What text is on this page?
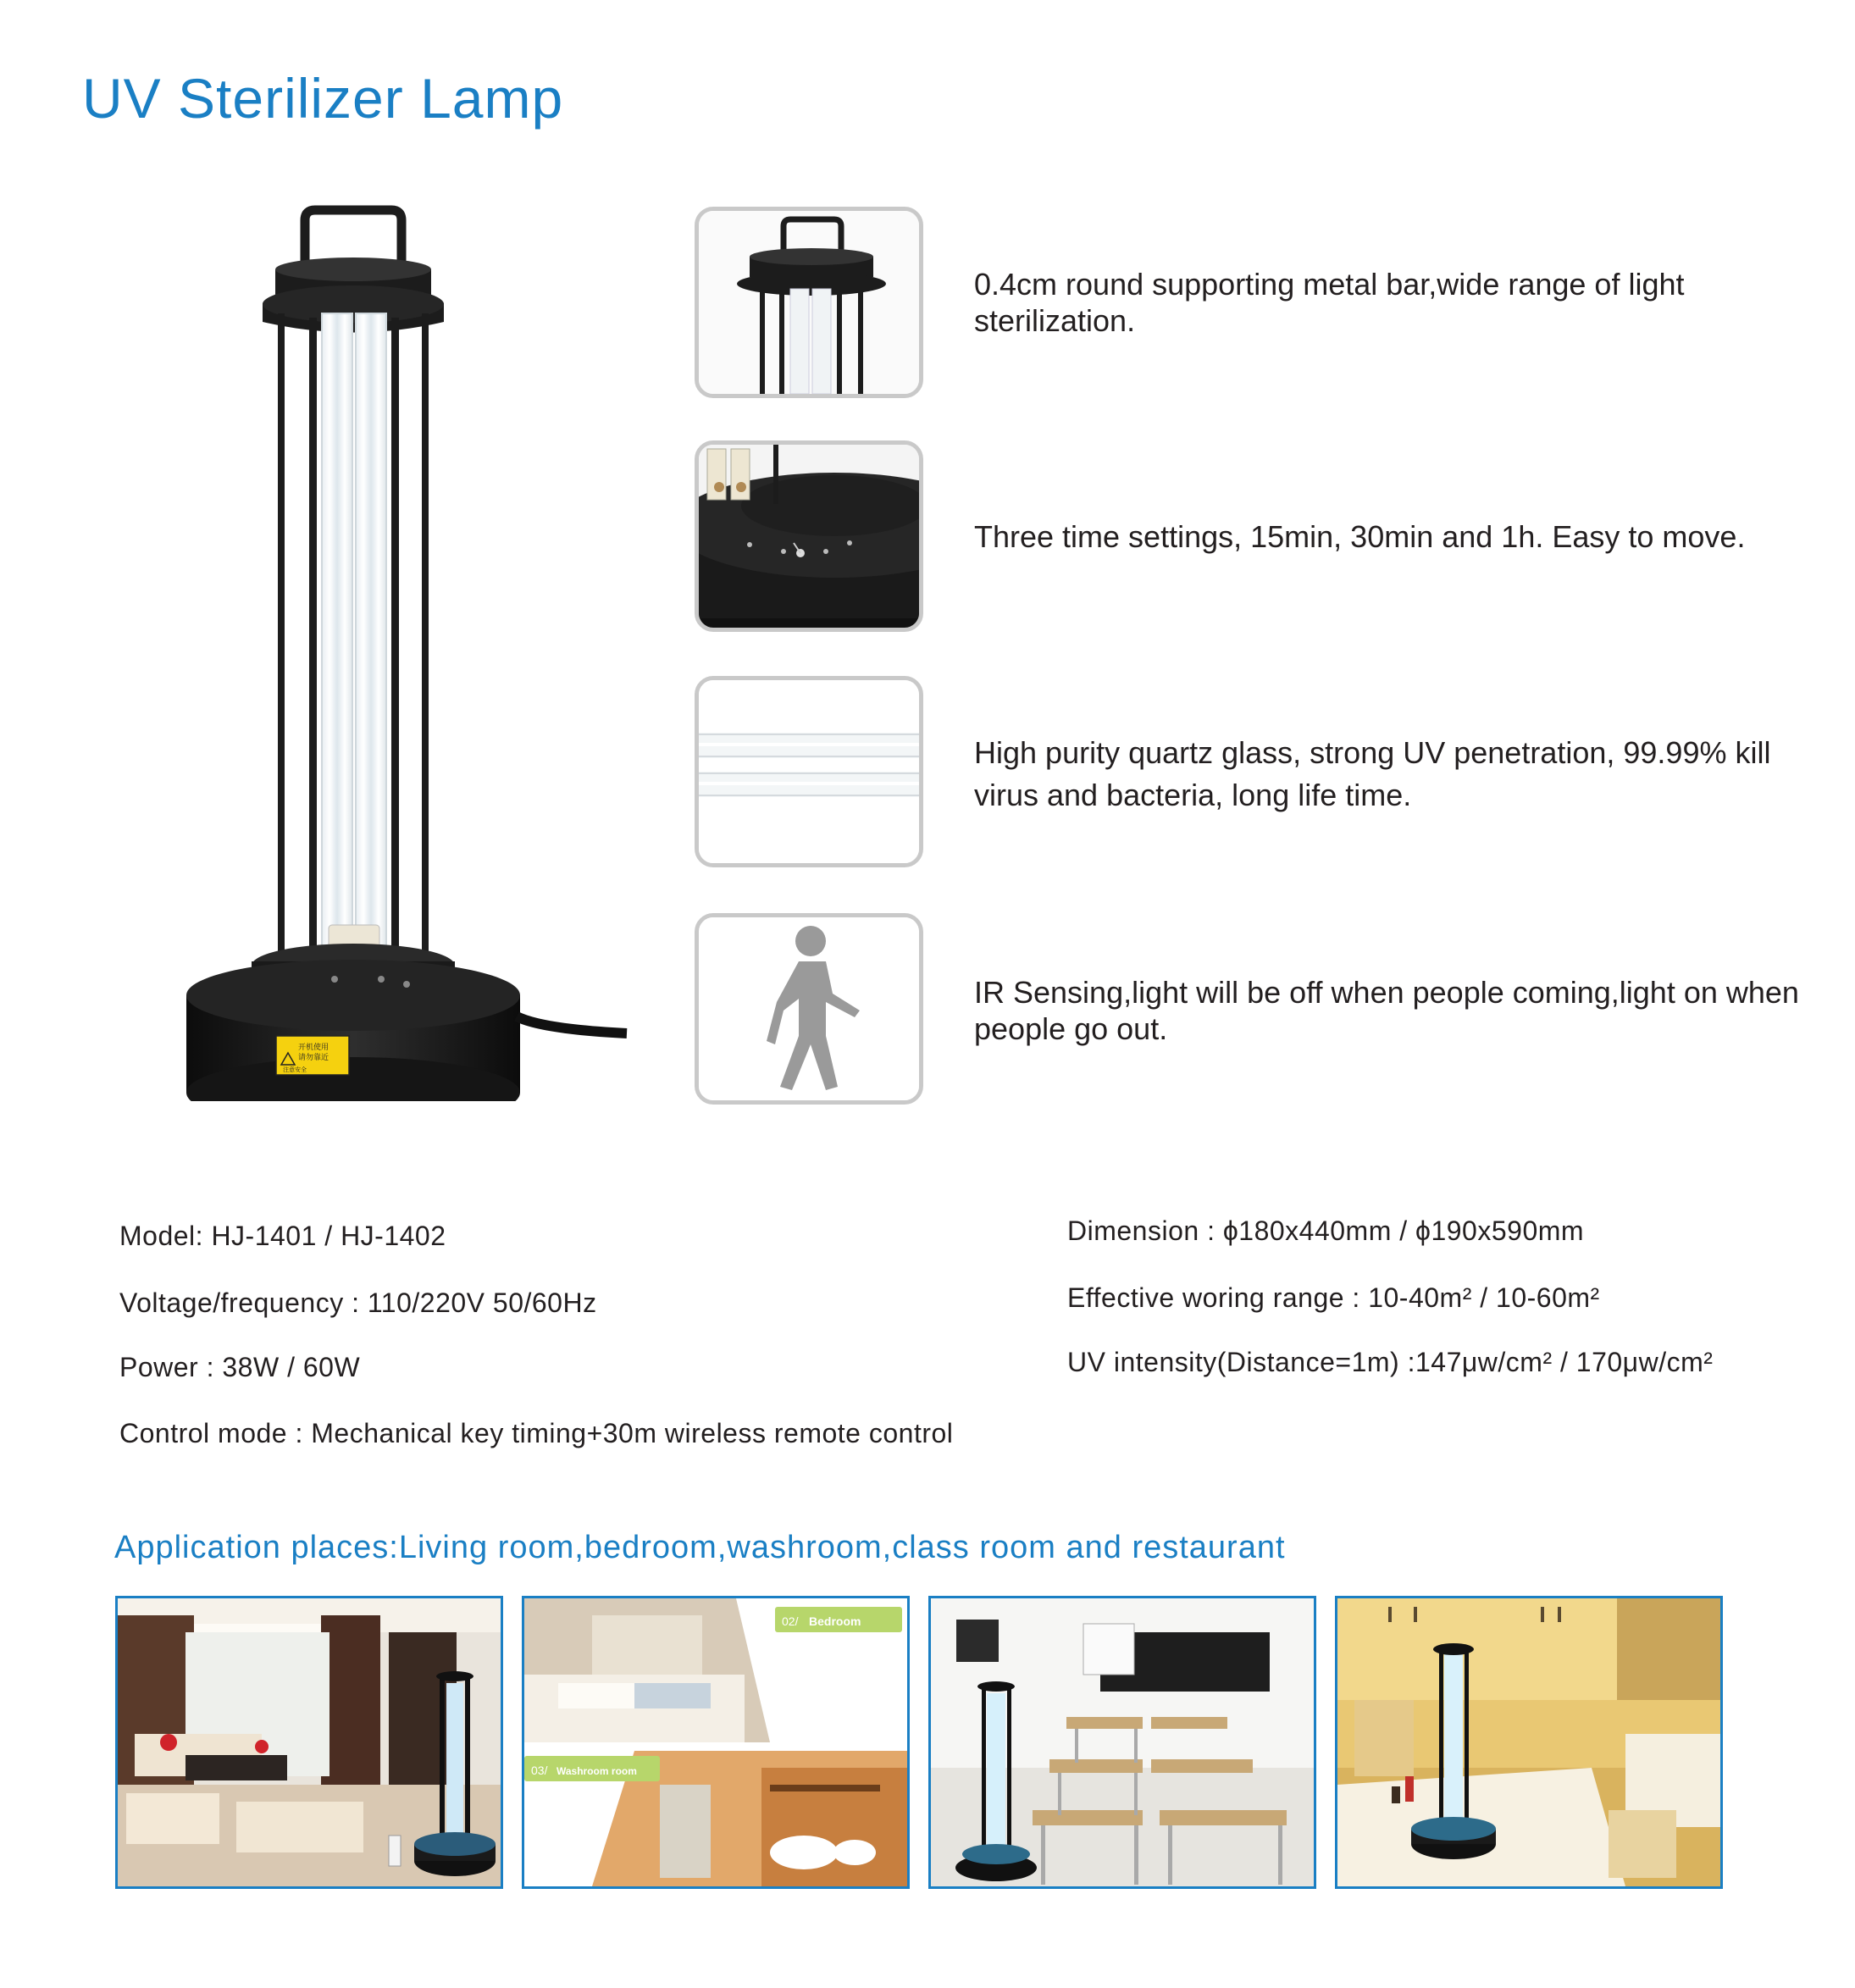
UV Sterilizer Lamp
开机使用
请勿靠近
注意安全

0.4cm round supporting metal bar,wide range of light sterilization.

Three time settings, 15min, 30min and 1h. Easy to move.

High purity quartz glass, strong UV penetration, 99.99% kill virus and bacteria, long life time.

IR Sensing,light will be off when people coming,light on when people go out.

Model: HJ-1401 / HJ-1402

Voltage/frequency : 110/220V 50/60Hz

Power : 38W / 60W

Control mode : Mechanical key timing+30m wireless remote control

Dimension : ϕ180x440mm / ϕ190x590mm

Effective woring range : 10-40m² / 10-60m²

UV intensity(Distance=1m) :147μw/cm² / 170μw/cm²

Application places:Living room,bedroom,washroom,class room and restaurant

02/ Bedroom
03/ Washroom room
